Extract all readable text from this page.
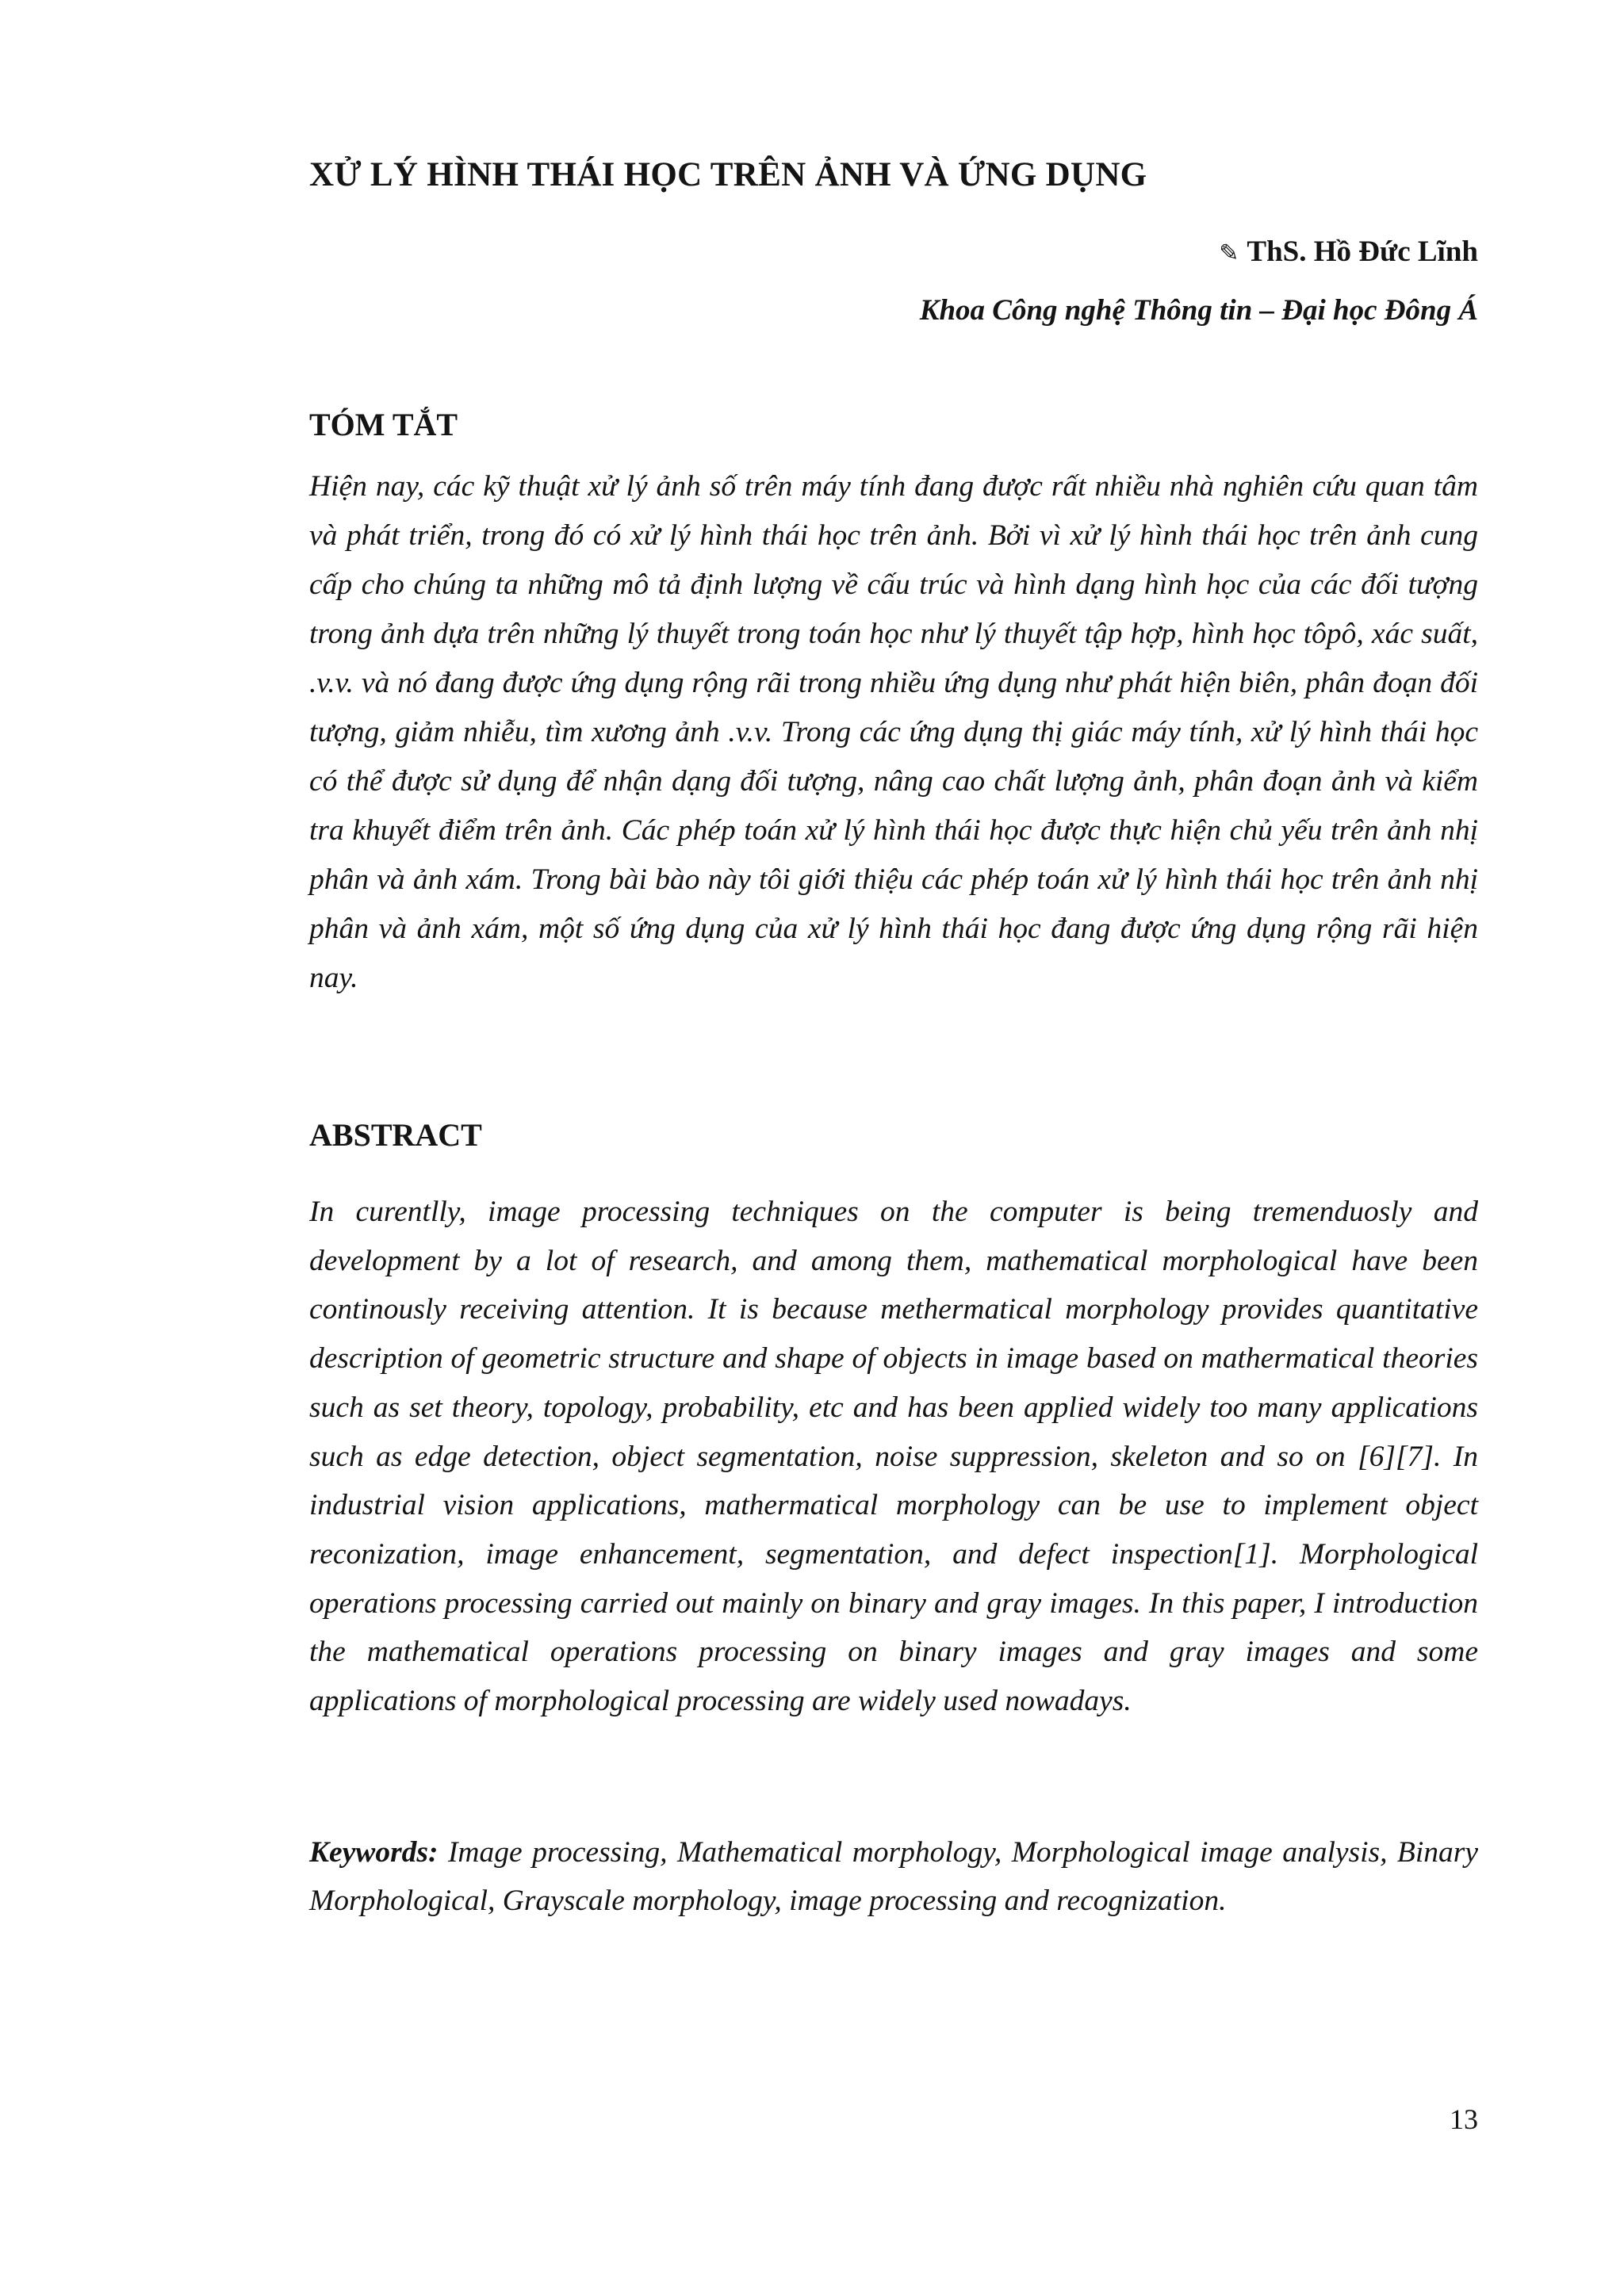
XỬ LÝ HÌNH THÁI HỌC TRÊN ẢNH VÀ ỨNG DỤNG
✎ ThS. Hồ Đức Lĩnh
Khoa Công nghệ Thông tin – Đại học Đông Á
TÓM TẮT

Hiện nay, các kỹ thuật xử lý ảnh số trên máy tính đang được rất nhiều nhà nghiên cứu quan tâm và phát triển, trong đó có xử lý hình thái học trên ảnh. Bởi vì xử lý hình thái học trên ảnh cung cấp cho chúng ta những mô tả định lượng về cấu trúc và hình dạng hình học của các đối tượng trong ảnh dựa trên những lý thuyết trong toán học như lý thuyết tập hợp, hình học tôpô, xác suất, .v.v. và nó đang được ứng dụng rộng rãi trong nhiều ứng dụng như phát hiện biên, phân đoạn đối tượng, giảm nhiễu, tìm xương ảnh .v.v. Trong các ứng dụng thị giác máy tính, xử lý hình thái học có thể được sử dụng để nhận dạng đối tượng, nâng cao chất lượng ảnh, phân đoạn ảnh và kiểm tra khuyết điểm trên ảnh. Các phép toán xử lý hình thái học được thực hiện chủ yếu trên ảnh nhị phân và ảnh xám. Trong bài bào này tôi giới thiệu các phép toán xử lý hình thái học trên ảnh nhị phân và ảnh xám, một số ứng dụng của xử lý hình thái học đang được ứng dụng rộng rãi hiện nay.

ABSTRACT

In curentlly, image processing techniques on the computer is being tremenduosly and development by a lot of research, and among them, mathematical morphological have been continously receiving attention. It is because methermatical morphology provides quantitative description of geometric structure and shape of objects in image based on mathermatical theories such as set theory, topology, probability, etc and has been applied widely too many applications such as edge detection, object segmentation, noise suppression, skeleton and so on [6][7]. In industrial vision applications, mathermatical morphology can be use to implement object reconization, image enhancement, segmentation, and defect inspection[1]. Morphological operations processing carried out mainly on binary and gray images. In this paper, I introduction the mathematical operations processing on binary images and gray images and some applications of morphological processing are widely used nowadays.

Keywords: Image processing, Mathematical morphology, Morphological image analysis, Binary Morphological, Grayscale morphology, image processing and recognization.

13
